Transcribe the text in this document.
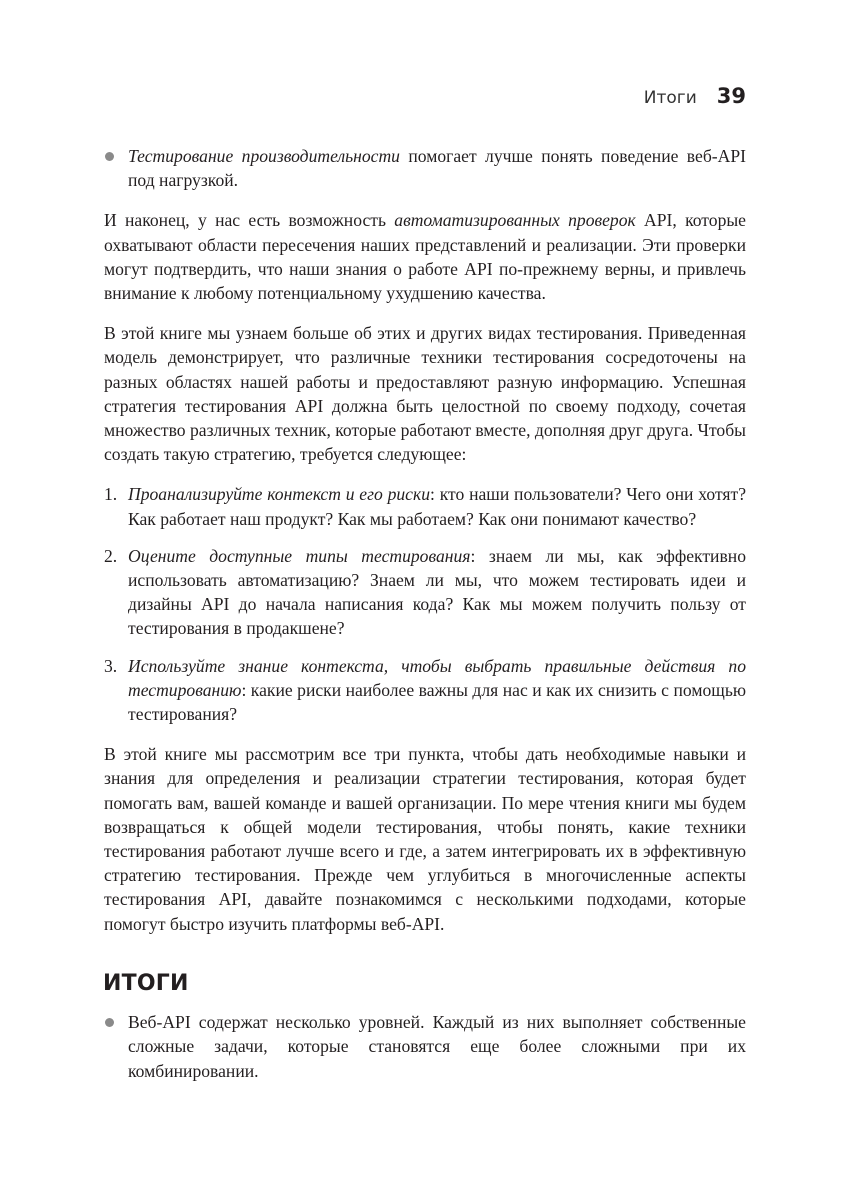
Итоги 39
Тестирование производительности помогает лучше понять поведение веб-API под нагрузкой.

И наконец, у нас есть возможность автоматизированных проверок API, которые охватывают области пересечения наших представлений и реализации. Эти проверки могут подтвердить, что наши знания о работе API по-прежнему верны, и привлечь внимание к любому потенциальному ухудшению качества.

В этой книге мы узнаем больше об этих и других видах тестирования. Приведенная модель демонстрирует, что различные техники тестирования сосредоточены на разных областях нашей работы и предоставляют разную информацию. Успешная стратегия тестирования API должна быть целостной по своему подходу, сочетая множество различных техник, которые работают вместе, дополняя друг друга. Чтобы создать такую стратегию, требуется следующее:

1. Проанализируйте контекст и его риски: кто наши пользователи? Чего они хотят? Как работает наш продукт? Как мы работаем? Как они понимают качество?
2. Оцените доступные типы тестирования: знаем ли мы, как эффективно использовать автоматизацию? Знаем ли мы, что можем тестировать идеи и дизайны API до начала написания кода? Как мы можем получить пользу от тестирования в продакшене?
3. Используйте знание контекста, чтобы выбрать правильные действия по тестированию: какие риски наиболее важны для нас и как их снизить с помощью тестирования?

В этой книге мы рассмотрим все три пункта, чтобы дать необходимые навыки и знания для определения и реализации стратегии тестирования, которая будет помогать вам, вашей команде и вашей организации. По мере чтения книги мы будем возвращаться к общей модели тестирования, чтобы понять, какие техники тестирования работают лучше всего и где, а затем интегрировать их в эффективную стратегию тестирования. Прежде чем углубиться в многочисленные аспекты тестирования API, давайте познакомимся с несколькими подходами, которые помогут быстро изучить платформы веб-API.

ИТОГИ
Веб-API содержат несколько уровней. Каждый из них выполняет собственные сложные задачи, которые становятся еще более сложными при их комбинировании.
